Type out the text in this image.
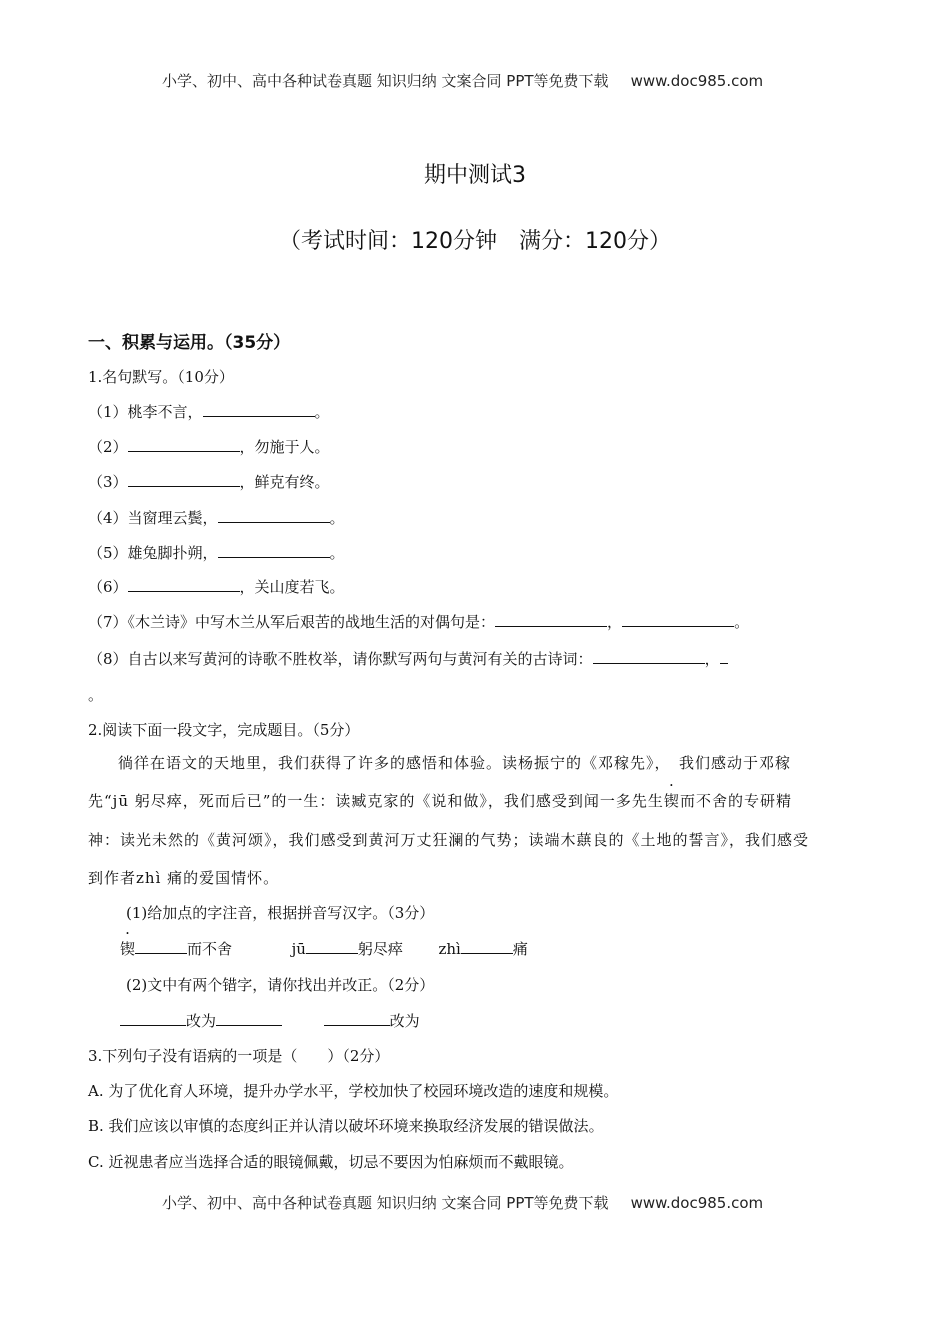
小学、初中、高中各种试卷真题 知识归纳 文案合同 PPT等免费下载 www.doc985.com
期中测试3
（考试时间：120分钟　满分：120分）
一、积累与运用。（35分）
1.名句默写。（10分）
（1）桃李不言，	。
（2）	，勿施于人。
（3）	，鲜克有终。
（4）当窗理云鬓，	。
（5）雄兔脚扑朔，	。
（6）	，关山度若飞。
（7）《木兰诗》中写木兰从军后艰苦的战地生活的对偶句是：	，	。
（8）自古以来写黄河的诗歌不胜枚举，请你默写两句与黄河有关的古诗词：	，
。
2.阅读下面一段文字，完成题目。（5分）
徜徉在语文的天地里，我们获得了许多的感悟和体验。读杨振宁的《邓稼先》，　我们感动于邓稼
先“jū 躬尽瘁，死而后已”的一生：读臧克家的《说和做》，我们感受到闻一多先生锲而不舍的专研精
神：读光未然的《黄河颂》，我们感受到黄河万丈狂澜的气势；读端木蕻良的《土地的誓言》，我们感受
到作者zhì 痛的爱国情怀。
(1)给加点的字注音，根据拼音写汉字。（3分）
锲	而不舍	jū	躬尽瘁 zhì	痛
(2)文中有两个错字，请你找出并改正。（2分）
改为	改为
3.下列句子没有语病的一项是（　　）（2分）
A. 为了优化育人环境，提升办学水平，学校加快了校园环境改造的速度和规模。
B. 我们应该以审慎的态度纠正并认清以破坏环境来换取经济发展的错误做法。
C. 近视患者应当选择合适的眼镜佩戴，切忌不要因为怕麻烦而不戴眼镜。
小学、初中、高中各种试卷真题 知识归纳 文案合同 PPT等免费下载 www.doc985.com
